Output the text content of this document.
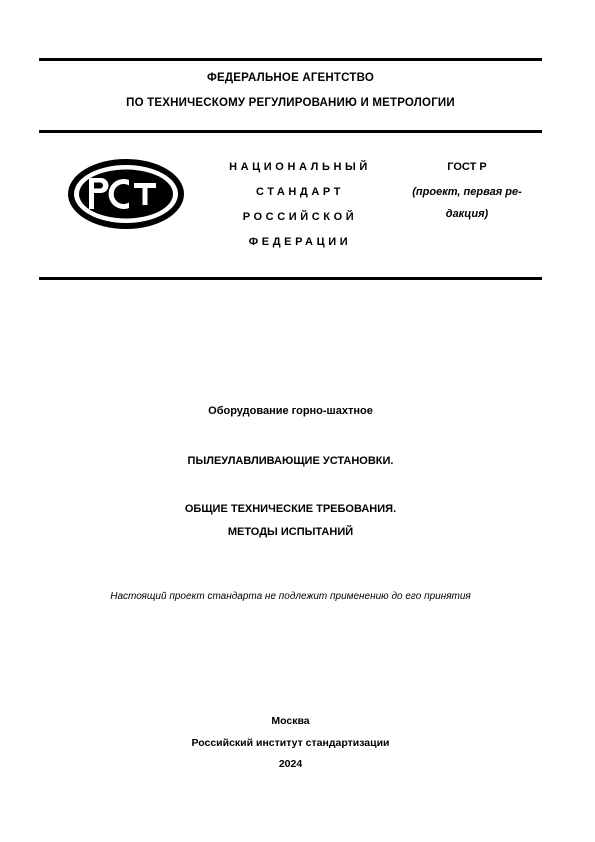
ФЕДЕРАЛЬНОЕ АГЕНТСТВО
ПО ТЕХНИЧЕСКОМУ РЕГУЛИРОВАНИЮ И МЕТРОЛОГИИ
НАЦИОНАЛЬНЫЙ
СТАНДАРТ
РОССИЙСКОЙ
ФЕДЕРАЦИИ
ГОСТ Р
(проект, первая ре-
дакция)
Оборудование горно-шахтное
ПЫЛЕУЛАВЛИВАЮЩИЕ УСТАНОВКИ.
ОБЩИЕ ТЕХНИЧЕСКИЕ ТРЕБОВАНИЯ.
МЕТОДЫ ИСПЫТАНИЙ
Настоящий проект стандарта не подлежит применению до его принятия
Москва
Российский институт стандартизации
2024
